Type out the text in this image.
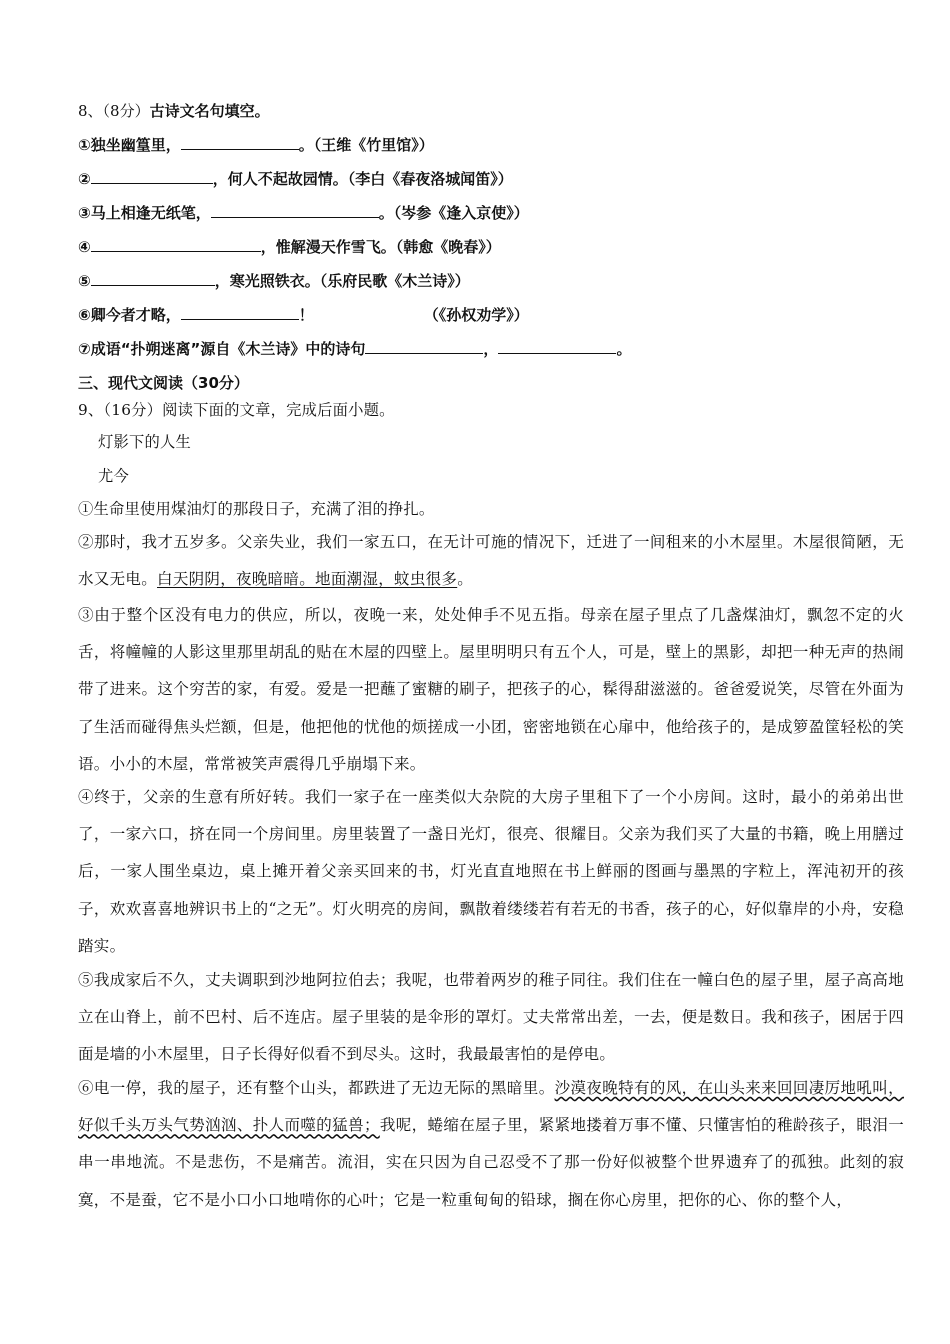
8、（8分）古诗文名句填空。
①独坐幽篁里，	。（王维《竹里馆》）
②	，何人不起故园情。（李白《春夜洛城闻笛》）
③马上相逢无纸笔，	。（岑参《逢入京使》）
④	，惟解漫天作雪飞。（韩愈《晚春》）
⑤	，寒光照铁衣。（乐府民歌《木兰诗》）
⑥卿今者才略，	！	（《孙权劝学》）
⑦成语“扑朔迷离”源自《木兰诗》中的诗句	，	。
三、现代文阅读（30分）
9、（16分）阅读下面的文章，完成后面小题。
灯影下的人生
尤今
①生命里使用煤油灯的那段日子，充满了泪的挣扎。
②那时，我才五岁多。父亲失业，我们一家五口，在无计可施的情况下，迁进了一间租来的小木屋里。木屋很简陋，无水又无电。白天阴阴，夜晚暗暗。地面潮湿，蚊虫很多。
③由于整个区没有电力的供应，所以，夜晚一来，处处伸手不见五指。母亲在屋子里点了几盏煤油灯，飘忽不定的火舌，将幢幢的人影这里那里胡乱的贴在木屋的四壁上。屋里明明只有五个人，可是，壁上的黑影，却把一种无声的热闹带了进来。这个穷苦的家，有爱。爱是一把蘸了蜜糖的刷子，把孩子的心，髹得甜滋滋的。爸爸爱说笑，尽管在外面为了生活而碰得焦头烂额，但是，他把他的忧他的烦搓成一小团，密密地锁在心扉中，他给孩子的，是成箩盈筐轻松的笑语。小小的木屋，常常被笑声震得几乎崩塌下来。
④终于，父亲的生意有所好转。我们一家子在一座类似大杂院的大房子里租下了一个小房间。这时，最小的弟弟出世了，一家六口，挤在同一个房间里。房里装置了一盏日光灯，很亮、很耀目。父亲为我们买了大量的书籍，晚上用膳过后，一家人围坐桌边，桌上摊开着父亲买回来的书，灯光直直地照在书上鲜丽的图画与墨黑的字粒上，浑沌初开的孩子，欢欢喜喜地辨识书上的“之无”。灯火明亮的房间，飘散着缕缕若有若无的书香，孩子的心，好似靠岸的小舟，安稳踏实。
⑤我成家后不久，丈夫调职到沙地阿拉伯去；我呢，也带着两岁的稚子同往。我们住在一幢白色的屋子里，屋子高高地立在山脊上，前不巴村、后不连店。屋子里装的是伞形的罩灯。丈夫常常出差，一去，便是数日。我和孩子，困居于四面是墙的小木屋里，日子长得好似看不到尽头。这时，我最最害怕的是停电。
⑥电一停，我的屋子，还有整个山头，都跌进了无边无际的黑暗里。沙漠夜晚特有的风，在山头来来回回凄厉地吼叫，好似千头万头气势汹汹、扑人而噬的猛兽；我呢，蜷缩在屋子里，紧紧地搂着万事不懂、只懂害怕的稚龄孩子，眼泪一串一串地流。不是悲伤，不是痛苦。流泪，实在只因为自己忍受不了那一份好似被整个世界遗弃了的孤独。此刻的寂寞，不是蚕，它不是小口小口地啃你的心叶；它是一粒重甸甸的铅球，搁在你心房里，把你的心、你的整个人，
